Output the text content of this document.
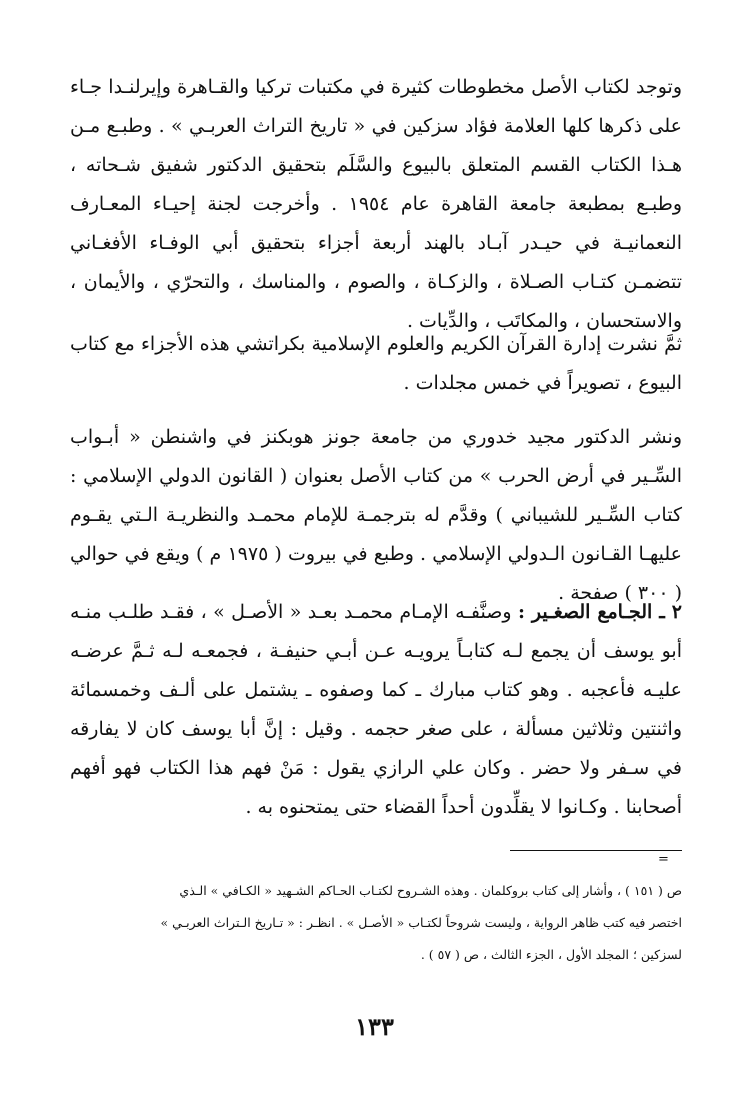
وتوجد لكتاب الأصل مخطوطات كثيرة في مكتبات تركيا والقـاهرة وإيرلنـدا جـاء على ذكرها كلها العلامة فؤاد سزكين في « تاريخ التراث العربـي » . وطبـع مـن هـذا الكتاب القسم المتعلق بالبيوع والسَّلَم بتحقيق الدكتور شفيق شـحاته ، وطبـع بمطبعة جامعة القاهرة عام ١٩٥٤ . وأخرجت لجنة إحيـاء المعـارف النعمانيـة في حيـدر آبـاد بالهند أربعة أجزاء بتحقيق أبي الوفـاء الأفغـاني تتضمـن كتـاب الصـلاة ، والزكـاة ، والصوم ، والمناسك ، والتحرّي ، والأيمان ، والاستحسان ، والمكاتَب ، والدِّيات .

ثمَّ نشرت إدارة القرآن الكريم والعلوم الإسلامية بكراتشي هذه الأجزاء مع كتاب البيوع ، تصويراً في خمس مجلدات .

ونشر الدكتور مجيد خدوري من جامعة جونز هوبكنز في واشنطن « أبـواب السِّـير في أرض الحرب » من كتاب الأصل بعنوان ( القانون الدولي الإسلامي : كتاب السِّـير للشيباني ) وقدَّم له بترجمـة للإمام محمـد والنظريـة الـتي يقـوم عليهـا القـانون الـدولي الإسلامي . وطبع في بيروت ( ١٩٧٥ م ) ويقع في حوالي ( ٣٠٠ ) صفحة .

٢ ـ الجـامع الصغـير : وصنَّفـه الإمـام محمـد بعـد « الأصـل » ، فقـد طلـب منـه أبو يوسف أن يجمع لـه كتابـاً يرويـه عـن أبـي حنيفـة ، فجمعـه لـه ثـمَّ عرضـه عليـه فأعجبه . وهو كتاب مبارك ـ كما وصفوه ـ يشتمل على ألـف وخمسمائة واثنتين وثلاثين مسألة ، على صغر حجمه . وقيل : إنَّ أبا يوسف كان لا يفارقه في سـفر ولا حضر . وكان علي الرازي يقول : مَنْ فهم هذا الكتاب فهو أفهم أصحابنا . وكـانوا لا يقلِّدون أحداً القضاء حتى يمتحنوه به .

=

ص ( ١٥١ ) ، وأشار إلى كتاب بروكلمان . وهذه الشـروح لكتـاب الحـاكم الشـهيد « الكـافي » الـذي

اختصر فيه كتب ظاهر الرواية ، وليست شروحاً لكتـاب « الأصـل » . انظـر : « تـاريخ الـتراث العربـي »

لسزكين ؛ المجلد الأول ، الجزء الثالث ، ص ( ٥٧ ) .

١٣٣
